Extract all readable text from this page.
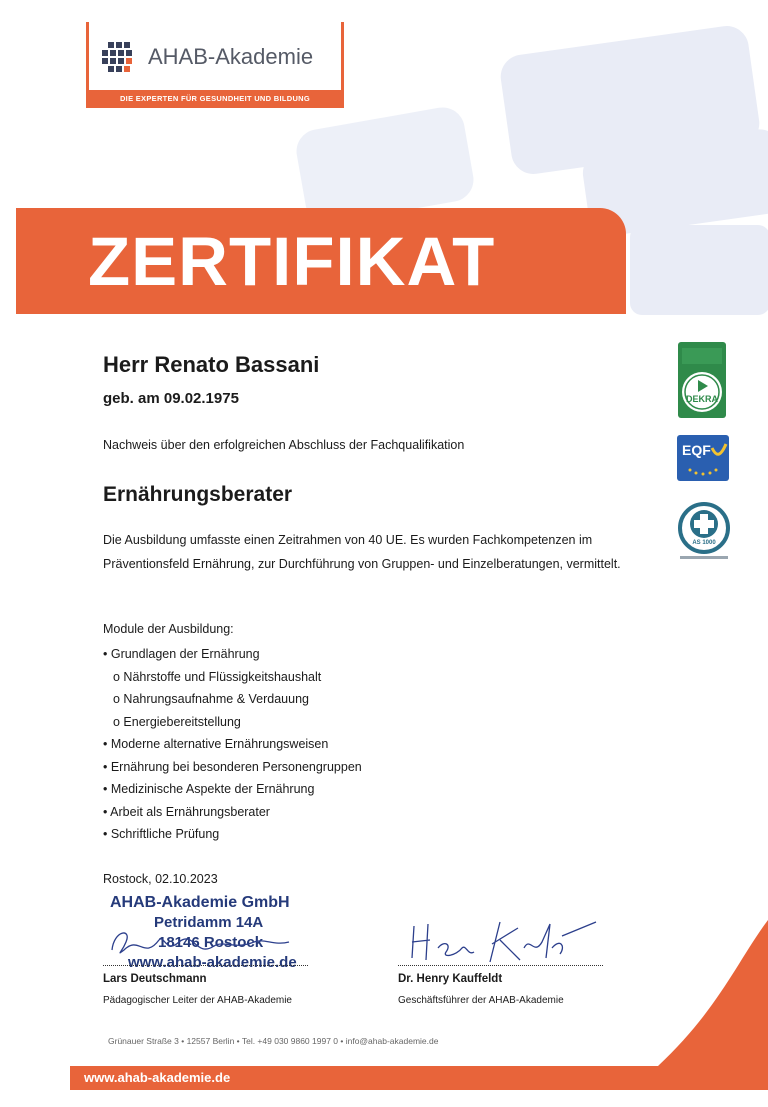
AHAB-Akademie
DIE EXPERTEN FÜR GESUNDHEIT UND BILDUNG
ZERTIFIKAT
Herr Renato Bassani
geb. am 09.02.1975
Nachweis über den erfolgreichen Abschluss der Fachqualifikation
Ernährungsberater
Die Ausbildung umfasste einen Zeitrahmen von 40 UE. Es wurden Fachkompetenzen im Präventionsfeld Ernährung, zur Durchführung von Gruppen- und Einzelberatungen, vermittelt.
Module der Ausbildung:
• Grundlagen der Ernährung
o Nährstoffe und Flüssigkeitshaushalt
o Nahrungsaufnahme & Verdauung
o Energiebereitstellung
• Moderne alternative Ernährungsweisen
• Ernährung bei besonderen Personengruppen
• Medizinische Aspekte der Ernährung
• Arbeit als Ernährungsberater
• Schriftliche Prüfung
Rostock, 02.10.2023
AHAB-Akademie GmbH
Petridamm 14A
18146 Rostock
www.ahab-akademie.de
Lars Deutschmann
Pädagogischer Leiter der AHAB-Akademie
Dr. Henry Kauffeldt
Geschäftsführer der AHAB-Akademie
DEKRA
EQF
AS 1000
Grünauer Straße 3 • 12557 Berlin • Tel. +49 030 9860 1997 0 • info@ahab-akademie.de
www.ahab-akademie.de
